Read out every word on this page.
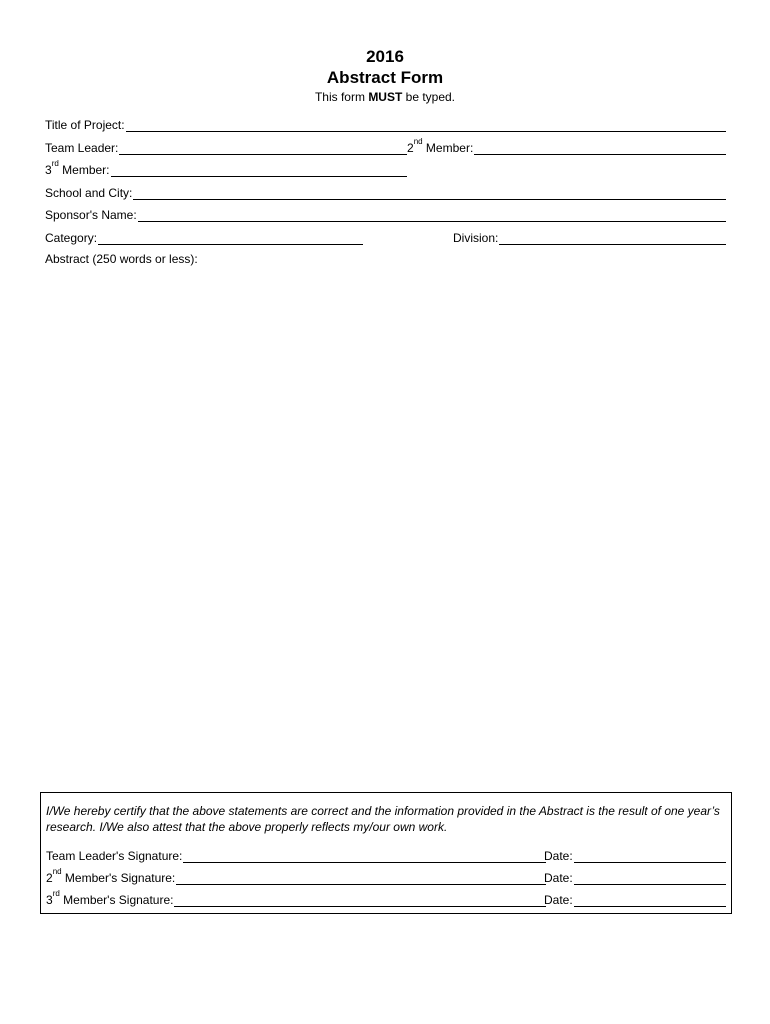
2016
Abstract Form
This form MUST be typed.
Title of Project:
Team Leader:	2nd Member:
3rd Member:
School and City:
Sponsor's Name:
Category:	Division:
Abstract (250 words or less):
I/We hereby certify that the above statements are correct and the information provided in the Abstract is the result of one year’s research. I/We also attest that the above properly reflects my/our own work.
Team Leader's Signature:	Date:
2nd Member's Signature:	Date:
3rd Member's Signature:	Date:
